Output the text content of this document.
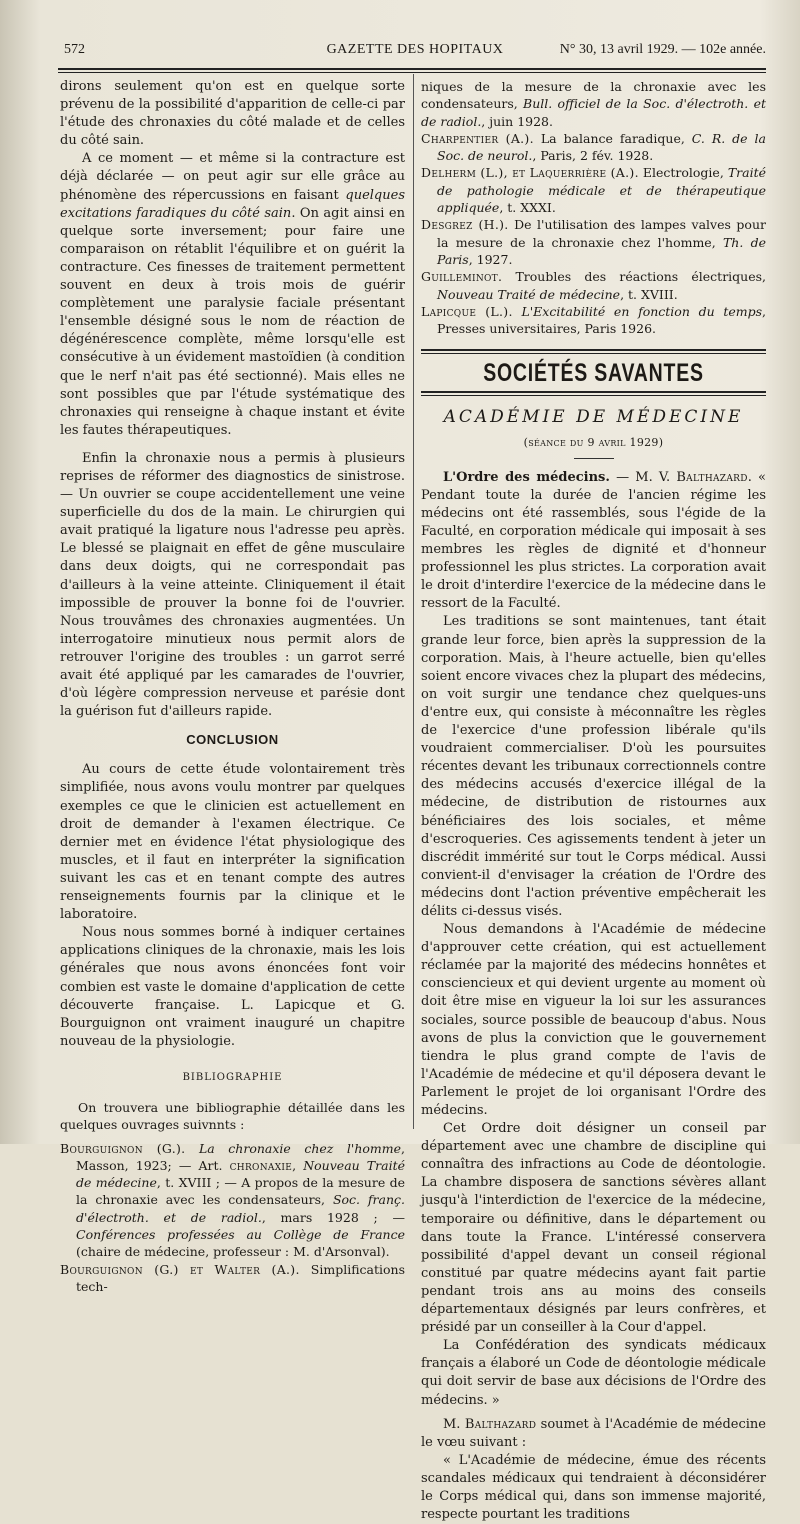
572	GAZETTE DES HOPITAUX	N° 30, 13 avril 1929. — 102e année.

dirons seulement qu'on est en quelque sorte prévenu de la possibilité d'apparition de celle-ci par l'étude des chronaxies du côté malade et de celles du côté sain.

A ce moment — et même si la contracture est déjà déclarée — on peut agir sur elle grâce au phénomène des répercussions en faisant quelques excitations faradiques du côté sain. On agit ainsi en quelque sorte inversement; pour faire une comparaison on rétablit l'équilibre et on guérit la contracture. Ces finesses de traitement permettent souvent en deux à trois mois de guérir complètement une paralysie faciale présentant l'ensemble désigné sous le nom de réaction de dégénérescence complète, même lorsqu'elle est consécutive à un évidement mastoïdien (à condition que le nerf n'ait pas été sectionné). Mais elles ne sont possibles que par l'étude systématique des chronaxies qui renseigne à chaque instant et évite les fautes thérapeutiques.

Enfin la chronaxie nous a permis à plusieurs reprises de réformer des diagnostics de sinistrose. — Un ouvrier se coupe accidentellement une veine superficielle du dos de la main. Le chirurgien qui avait pratiqué la ligature nous l'adresse peu après. Le blessé se plaignait en effet de gêne musculaire dans deux doigts, qui ne correspondait pas d'ailleurs à la veine atteinte. Cliniquement il était impossible de prouver la bonne foi de l'ouvrier. Nous trouvâmes des chronaxies augmentées. Un interrogatoire minutieux nous permit alors de retrouver l'origine des troubles : un garrot serré avait été appliqué par les camarades de l'ouvrier, d'où légère compression nerveuse et parésie dont la guérison fut d'ailleurs rapide.

CONCLUSION

Au cours de cette étude volontairement très simplifiée, nous avons voulu montrer par quelques exemples ce que le clinicien est actuellement en droit de demander à l'examen électrique. Ce dernier met en évidence l'état physiologique des muscles, et il faut en interpréter la signification suivant les cas et en tenant compte des autres renseignements fournis par la clinique et le laboratoire.

Nous nous sommes borné à indiquer certaines applications cliniques de la chronaxie, mais les lois générales que nous avons énoncées font voir combien est vaste le domaine d'application de cette découverte française. L. Lapicque et G. Bourguignon ont vraiment inauguré un chapitre nouveau de la physiologie.

BIBLIOGRAPHIE

On trouvera une bibliographie détaillée dans les quelques ouvrages suivnnts :

Bourguignon (G.). La chronaxie chez l'homme, Masson, 1923; — Art. chronaxie, Nouveau Traité de médecine, t. XVIII ; — A propos de la mesure de la chronaxie avec les condensateurs, Soc. franç. d'électroth. et de radiol., mars 1928 ; — Conférences professées au Collège de France (chaire de médecine, professeur : M. d'Arsonval).

Bourguignon (G.) et Walter (A.). Simplifications tech-

niques de la mesure de la chronaxie avec les condensateurs, Bull. officiel de la Soc. d'électroth. et de radiol., juin 1928.

Charpentier (A.). La balance faradique, C. R. de la Soc. de neurol., Paris, 2 fév. 1928.

Delherm (L.), et Laquerrière (A.). Electrologie, Traité de pathologie médicale et de thérapeutique appliquée, t. XXXI.

Desgrez (H.). De l'utilisation des lampes valves pour la mesure de la chronaxie chez l'homme, Th. de Paris, 1927.

Guilleminot. Troubles des réactions électriques, Nouveau Traité de médecine, t. XVIII.

Lapicque (L.). L'Excitabilité en fonction du temps, Presses universitaires, Paris 1926.

SOCIÉTÉS SAVANTES
ACADÉMIE DE MÉDECINE
(séance du 9 avril 1929)

L'Ordre des médecins. — M. V. Balthazard. « Pendant toute la durée de l'ancien régime les médecins ont été rassemblés, sous l'égide de la Faculté, en corporation médicale qui imposait à ses membres les règles de dignité et d'honneur professionnel les plus strictes. La corporation avait le droit d'interdire l'exercice de la médecine dans le ressort de la Faculté.

Les traditions se sont maintenues, tant était grande leur force, bien après la suppression de la corporation. Mais, à l'heure actuelle, bien qu'elles soient encore vivaces chez la plupart des médecins, on voit surgir une tendance chez quelques-uns d'entre eux, qui consiste à méconnaître les règles de l'exercice d'une profession libérale qu'ils voudraient commercialiser. D'où les poursuites récentes devant les tribunaux correctionnels contre des médecins accusés d'exercice illégal de la médecine, de distribution de ristournes aux bénéficiaires des lois sociales, et même d'escroqueries. Ces agissements tendent à jeter un discrédit immérité sur tout le Corps médical. Aussi convient-il d'envisager la création de l'Ordre des médecins dont l'action préventive empêcherait les délits ci-dessus visés.

Nous demandons à l'Académie de médecine d'approuver cette création, qui est actuellement réclamée par la majorité des médecins honnêtes et consciencieux et qui devient urgente au moment où doit être mise en vigueur la loi sur les assurances sociales, source possible de beaucoup d'abus. Nous avons de plus la conviction que le gouvernement tiendra le plus grand compte de l'avis de l'Académie de médecine et qu'il déposera devant le Parlement le projet de loi organisant l'Ordre des médecins.

Cet Ordre doit désigner un conseil par département avec une chambre de discipline qui connaîtra des infractions au Code de déontologie. La chambre disposera de sanctions sévères allant jusqu'à l'interdiction de l'exercice de la médecine, temporaire ou définitive, dans le département ou dans toute la France. L'intéressé conservera possibilité d'appel devant un conseil régional constitué par quatre médecins ayant fait partie pendant trois ans au moins des conseils départementaux désignés par leurs confrères, et présidé par un conseiller à la Cour d'appel.

La Confédération des syndicats médicaux français a élaboré un Code de déontologie médicale qui doit servir de base aux décisions de l'Ordre des médecins. »

M. Balthazard soumet à l'Académie de médecine le vœu suivant :

« L'Académie de médecine, émue des récents scandales médicaux qui tendraient à déconsidérer le Corps médical qui, dans son immense majorité, respecte pourtant les traditions
